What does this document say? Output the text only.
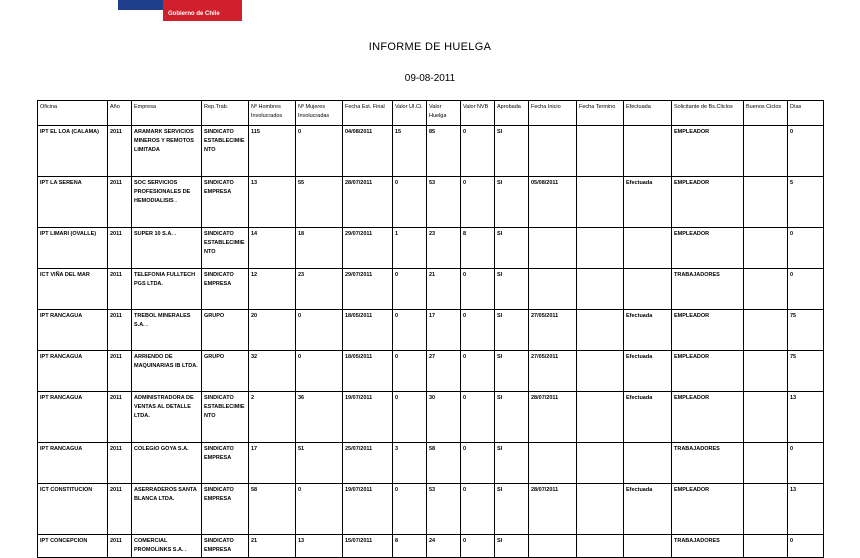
Gobierno de Chile
INFORME DE HUELGA
09-08-2011
Oficina	Año	Empresa	Rep.Trab.	Nº Hombres Involucrados	Nº Mujeres Involucradas	Fecha Est. Final	Valor UI.Ci.	Valor Huelga	Valor NVB	Aprobada	Fecha Inicio	Fecha Termino	Efectuada	Solicitante de Bs.Cliclos	Buenos Ciclos	Días
IPT EL LOA (CALAMA)	2011	ARAMARK SERVICIOS MINEROS Y REMOTOS LIMITADA	SINDICATO ESTABLECIMIENTO	115	0	04/08/2011	15	85	0	SI				EMPLEADOR		0
IPT LA SERENA	2011	SOC SERVICIOS PROFESIONALES DE HEMODIALISIS .	SINDICATO EMPRESA	13	55	28/07/2011	0	53	0	SI	05/08/2011		Efectuada	EMPLEADOR		5
IPT LIMARI (OVALLE)	2011	SUPER 10 S.A. .	SINDICATO ESTABLECIMIENTO	14	18	29/07/2011	1	23	8	SI				EMPLEADOR		0
ICT VIÑA DEL MAR	2011	TELEFONIA FULLTECH PGS LTDA.	SINDICATO EMPRESA	12	23	29/07/2011	0	21	0	SI				TRABAJADORES		0
IPT RANCAGUA	2011	TREBOL MINERALES S.A. .	GRUPO	20	0	18/05/2011	0	17	0	SI	27/05/2011		Efectuada	EMPLEADOR		75
IPT RANCAGUA	2011	ARRIENDO DE MAQUINARIAS IB LTDA.	GRUPO	32	0	18/05/2011	0	27	0	SI	27/05/2011		Efectuada	EMPLEADOR		75
IPT RANCAGUA	2011	ADMINISTRADORA DE VENTAS AL DETALLE LTDA.	SINDICATO ESTABLECIMIENTO	2	36	19/07/2011	0	30	0	SI	28/07/2011		Efectuada	EMPLEADOR		13
IPT RANCAGUA	2011	COLEGIO GOYA S.A.	SINDICATO EMPRESA	17	51	25/07/2011	3	58	0	SI				TRABAJADORES		0
ICT CONSTITUCION	2011	ASERRADEROS SANTA BLANCA LTDA.	SINDICATO EMPRESA	58	0	19/07/2011	0	53	0	SI	28/07/2011		Efectuada	EMPLEADOR		13
IPT CONCEPCION	2011	COMERCIAL PROMOLINKS S.A. .	SINDICATO EMPRESA	21	13	15/07/2011	8	24	0	SI				TRABAJADORES		0
